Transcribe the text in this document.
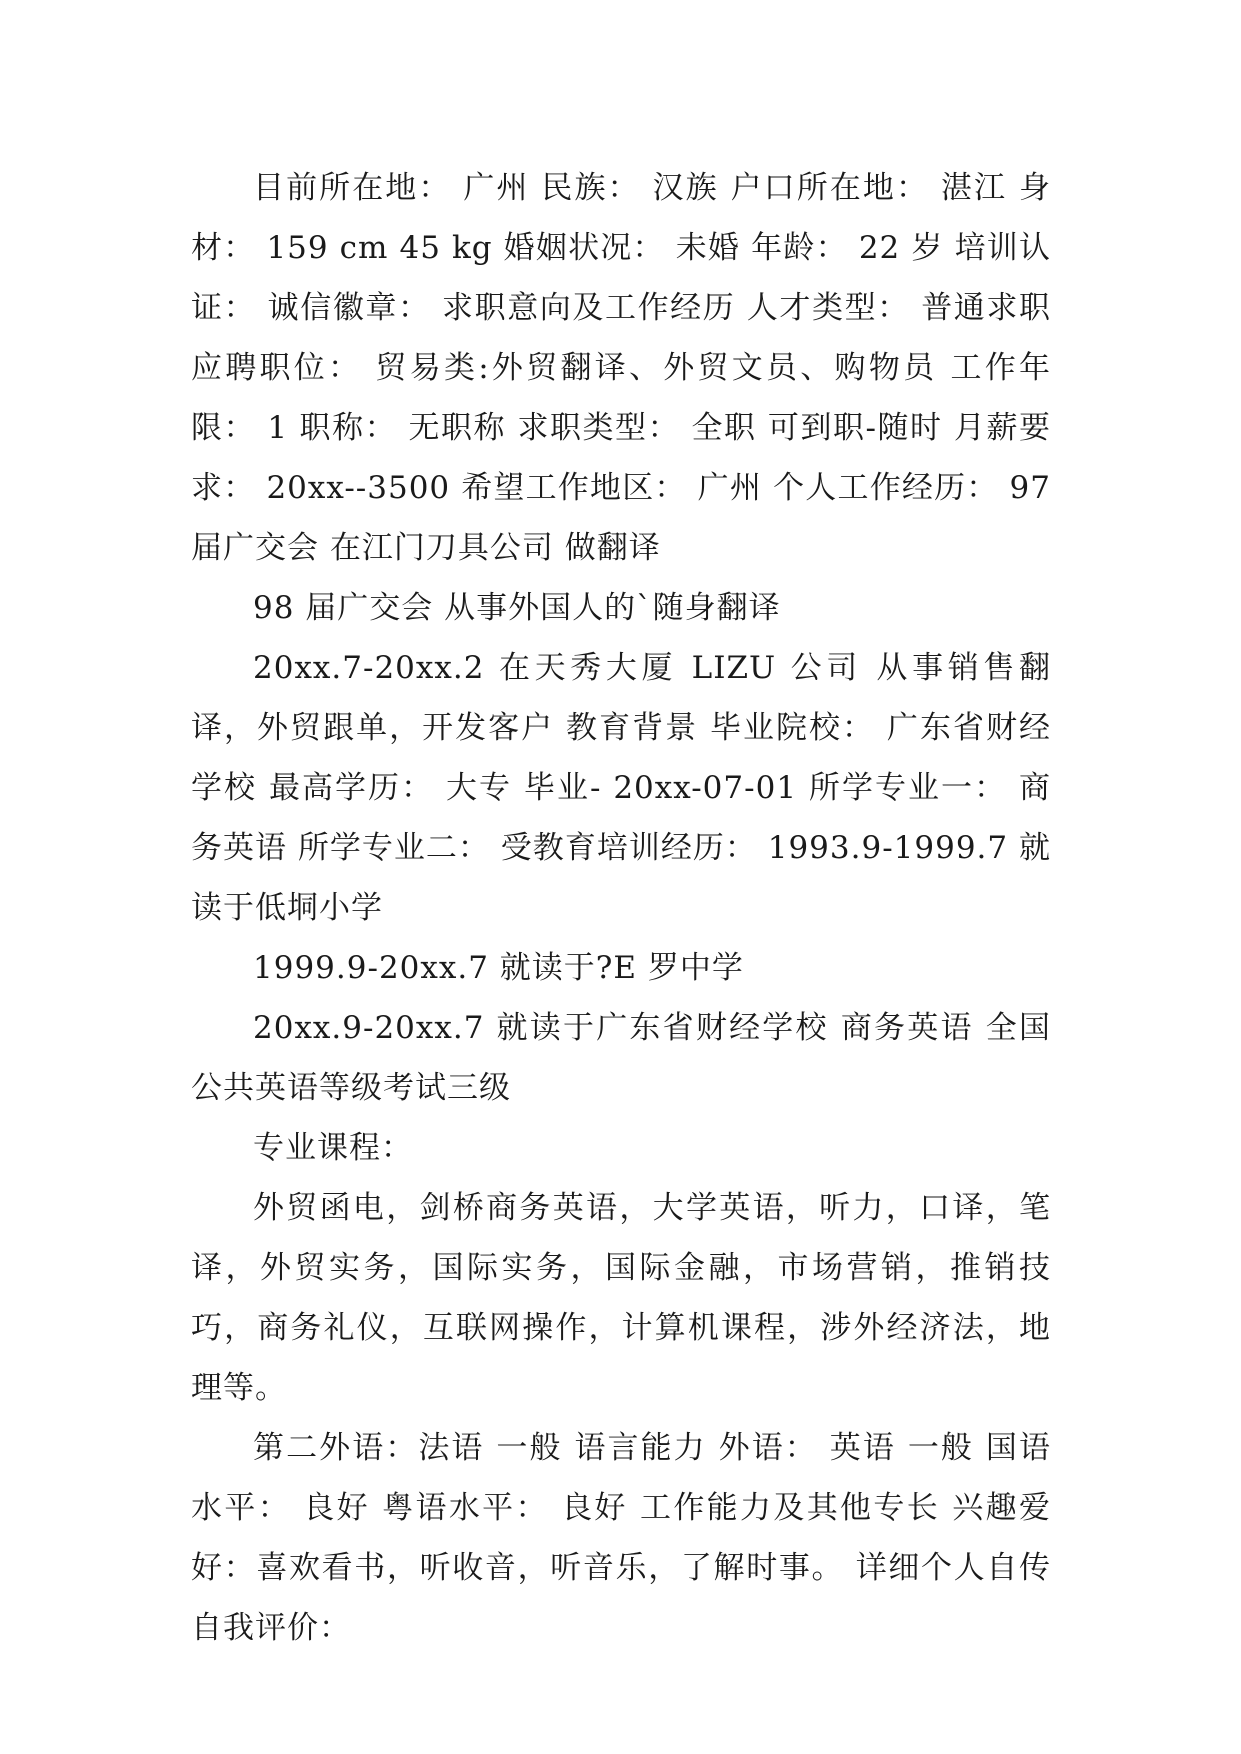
目前所在地： 广州 民族： 汉族 户口所在地： 湛江 身材： 159 cm 45 kg 婚姻状况： 未婚 年龄： 22 岁 培训认证： 诚信徽章： 求职意向及工作经历 人才类型： 普通求职 应聘职位： 贸易类:外贸翻译、外贸文员、购物员 工作年限： 1 职称： 无职称 求职类型： 全职 可到职-随时 月薪要求： 20xx--3500 希望工作地区： 广州 个人工作经历： 97 届广交会 在江门刀具公司 做翻译

98 届广交会 从事外国人的`随身翻译

20xx.7-20xx.2 在天秀大厦 LIZU 公司 从事销售翻译，外贸跟单，开发客户 教育背景 毕业院校： 广东省财经学校 最高学历： 大专 毕业- 20xx-07-01 所学专业一： 商务英语 所学专业二： 受教育培训经历： 1993.9-1999.7 就读于低垌小学

1999.9-20xx.7 就读于?E 罗中学

20xx.9-20xx.7 就读于广东省财经学校 商务英语 全国公共英语等级考试三级

专业课程：

外贸函电，剑桥商务英语，大学英语，听力，口译，笔译，外贸实务，国际实务，国际金融，市场营销，推销技巧，商务礼仪，互联网操作，计算机课程，涉外经济法，地理等。

第二外语：法语 一般 语言能力 外语： 英语 一般 国语水平： 良好 粤语水平： 良好 工作能力及其他专长 兴趣爱好：喜欢看书，听收音，听音乐，了解时事。 详细个人自传 自我评价：
